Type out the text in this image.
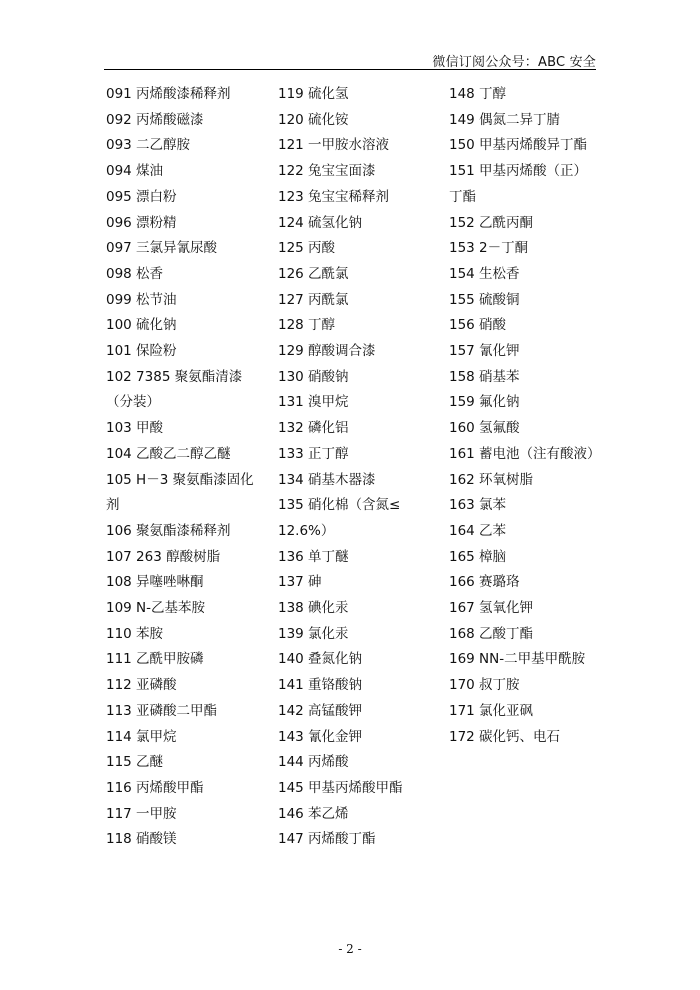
微信订阅公众号：ABC 安全
091 丙烯酸漆稀释剂
092 丙烯酸磁漆
093 二乙醇胺
094 煤油
095 漂白粉
096 漂粉精
097 三氯异氰尿酸
098 松香
099 松节油
100 硫化钠
101 保险粉
102 7385 聚氨酯清漆
（分装）
103 甲酸
104 乙酸乙二醇乙醚
105 H－3 聚氨酯漆固化
剂
106 聚氨酯漆稀释剂
107 263 醇酸树脂
108 异噻唑啉酮
109 N-乙基苯胺
110 苯胺
111 乙酰甲胺磷
112 亚磷酸
113 亚磷酸二甲酯
114 氯甲烷
115 乙醚
116 丙烯酸甲酯
117 一甲胺
118 硝酸镁
119 硫化氢
120 硫化铵
121 一甲胺水溶液
122 兔宝宝面漆
123 兔宝宝稀释剂
124 硫氢化钠
125 丙酸
126 乙酰氯
127 丙酰氯
128 丁醇
129 醇酸调合漆
130 硝酸钠
131 溴甲烷
132 磷化铝
133 正丁醇
134 硝基木器漆
135 硝化棉（含氮≤
12.6%）
136 单丁醚
137 砷
138 碘化汞
139 氯化汞
140 叠氮化钠
141 重铬酸钠
142 高锰酸钾
143 氰化金钾
144 丙烯酸
145 甲基丙烯酸甲酯
146 苯乙烯
147 丙烯酸丁酯
148 丁醇
149 偶氮二异丁腈
150 甲基丙烯酸异丁酯
151 甲基丙烯酸（正）
丁酯
152 乙酰丙酮
153 2－丁酮
154 生松香
155 硫酸铜
156 硝酸
157 氰化钾
158 硝基苯
159 氟化钠
160 氢氟酸
161 蓄电池（注有酸液）
162 环氧树脂
163 氯苯
164 乙苯
165 樟脑
166 赛璐珞
167 氢氧化钾
168 乙酸丁酯
169 NN-二甲基甲酰胺
170 叔丁胺
171 氯化亚砜
172 碳化钙、电石
- 2 -
